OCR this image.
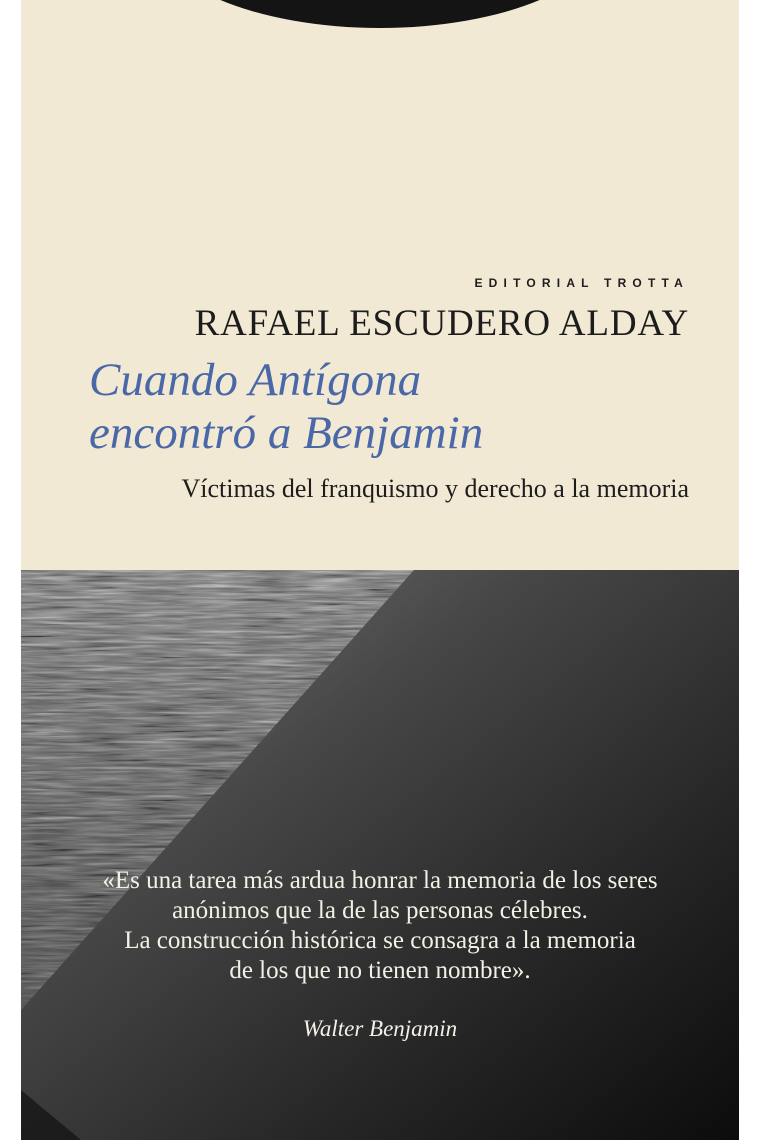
EDITORIAL TROTTA
RAFAEL ESCUDERO ALDAY
Cuando Antígona
encontró a Benjamin
Víctimas del franquismo y derecho a la memoria
«Es una tarea más ardua honrar la memoria de los seres
anónimos que la de las personas célebres.
La construcción histórica se consagra a la memoria
de los que no tienen nombre».
Walter Benjamin
